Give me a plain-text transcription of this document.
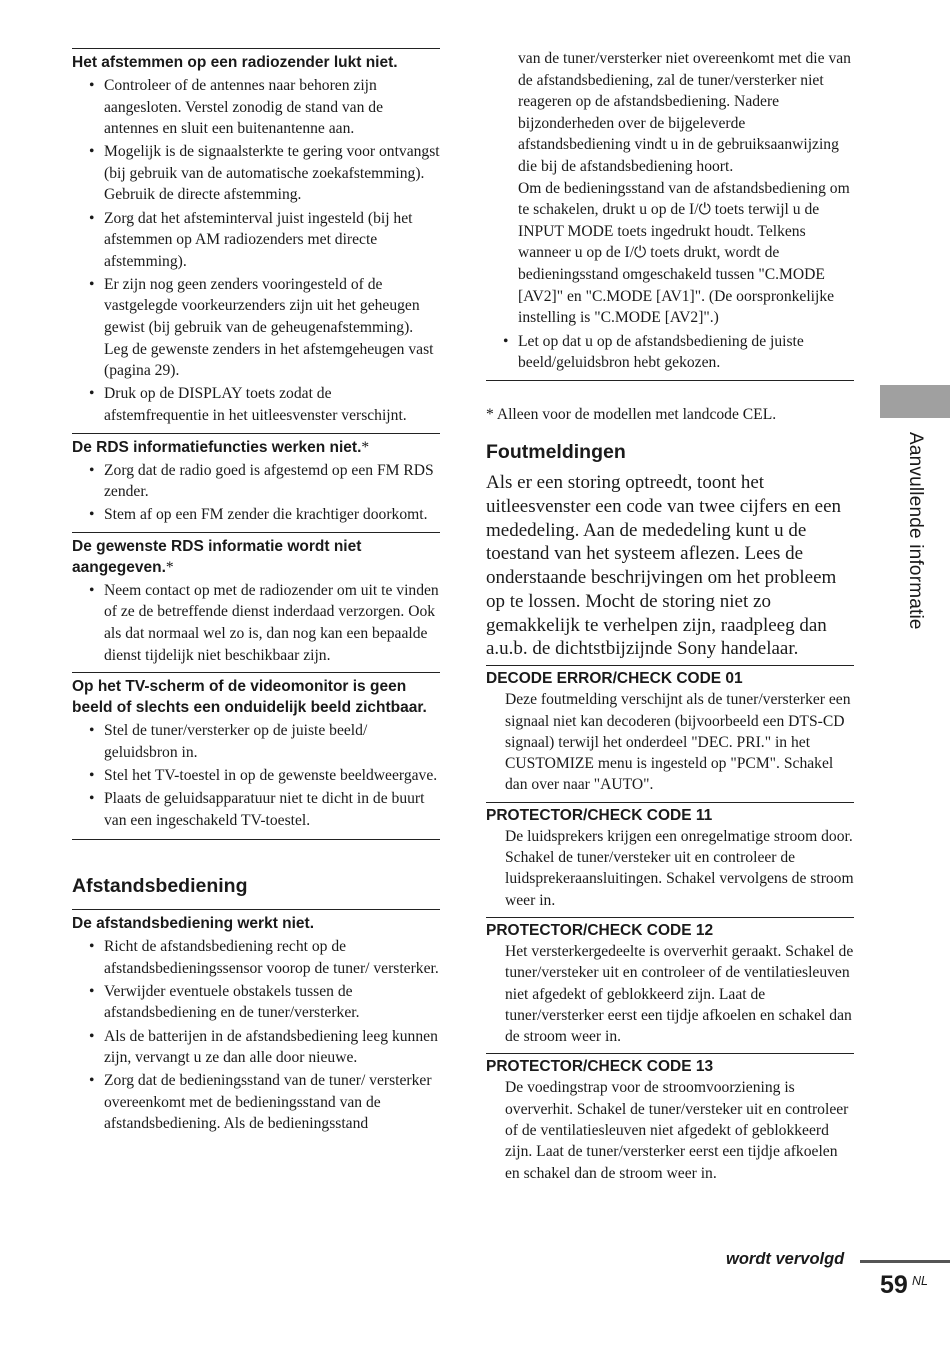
Het afstemmen op een radiozender lukt niet.
• Controleer of de antennes naar behoren zijn aangesloten. Verstel zonodig de stand van de antennes en sluit een buitenantenne aan.
• Mogelijk is de signaalsterkte te gering voor ontvangst (bij gebruik van de automatische zoekafstemming). Gebruik de directe afstemming.
• Zorg dat het afsteminterval juist ingesteld (bij het afstemmen op AM radiozenders met directe afstemming).
• Er zijn nog geen zenders vooringesteld of de vastgelegde voorkeurzenders zijn uit het geheugen gewist (bij gebruik van de geheugenafstemming). Leg de gewenste zenders in het afstemgeheugen vast (pagina 29).
• Druk op de DISPLAY toets zodat de afstemfrequentie in het uitleesvenster verschijnt.
De RDS informatiefuncties werken niet.*
• Zorg dat de radio goed is afgestemd op een FM RDS zender.
• Stem af op een FM zender die krachtiger doorkomt.
De gewenste RDS informatie wordt niet aangegeven.*
• Neem contact op met de radiozender om uit te vinden of ze de betreffende dienst inderdaad verzorgen. Ook als dat normaal wel zo is, dan nog kan een bepaalde dienst tijdelijk niet beschikbaar zijn.
Op het TV-scherm of de videomonitor is geen beeld of slechts een onduidelijk beeld zichtbaar.
• Stel de tuner/versterker op de juiste beeld/ geluidsbron in.
• Stel het TV-toestel in op de gewenste beeldweergave.
• Plaats de geluidsapparatuur niet te dicht in de buurt van een ingeschakeld TV-toestel.
Afstandsbediening
De afstandsbediening werkt niet.
• Richt de afstandsbediening recht op de afstandsbedieningssensor voorop de tuner/ versterker.
• Verwijder eventuele obstakels tussen de afstandsbediening en de tuner/versterker.
• Als de batterijen in de afstandsbediening leeg kunnen zijn, vervangt u ze dan alle door nieuwe.
• Zorg dat de bedieningsstand van de tuner/ versterker overeenkomt met de bedieningsstand van de afstandsbediening. Als de bedieningsstand

van de tuner/versterker niet overeenkomt met die van de afstandsbediening, zal de tuner/versterker niet reageren op de afstandsbediening. Nadere bijzonderheden over de bijgeleverde afstandsbediening vindt u in de gebruiksaanwijzing die bij de afstandsbediening hoort.

Om de bedieningsstand van de afstandsbediening om te schakelen, drukt u op de I/⏻ toets terwijl u de INPUT MODE toets ingedrukt houdt. Telkens wanneer u op de I/⏻ toets drukt, wordt de bedieningsstand omgeschakeld tussen "C.MODE [AV2]" en "C.MODE [AV1]". (De oorspronkelijke instelling is "C.MODE [AV2]".)

• Let op dat u op de afstandsbediening de juiste beeld/geluidsbron hebt gekozen.

* Alleen voor de modellen met landcode CEL.

Foutmeldingen

Als er een storing optreedt, toont het uitleesvenster een code van twee cijfers en een mededeling. Aan de mededeling kunt u de toestand van het systeem aflezen. Lees de onderstaande beschrijvingen om het probleem op te lossen. Mocht de storing niet zo gemakkelijk te verhelpen zijn, raadpleeg dan a.u.b. de dichtstbijzijnde Sony handelaar.

DECODE ERROR/CHECK CODE 01

Deze foutmelding verschijnt als de tuner/versterker een signaal niet kan decoderen (bijvoorbeeld een DTS-CD signaal) terwijl het onderdeel "DEC. PRI." in het CUSTOMIZE menu is ingesteld op "PCM". Schakel dan over naar "AUTO".

PROTECTOR/CHECK CODE 11

De luidsprekers krijgen een onregelmatige stroom door. Schakel de tuner/versteker uit en controleer de luidsprekeraansluitingen. Schakel vervolgens de stroom weer in.

PROTECTOR/CHECK CODE 12

Het versterkergedeelte is oververhit geraakt. Schakel de tuner/versteker uit en controleer of de ventilatiesleuven niet afgedekt of geblokkeerd zijn. Laat de tuner/versterker eerst een tijdje afkoelen en schakel dan de stroom weer in.

PROTECTOR/CHECK CODE 13

De voedingstrap voor de stroomvoorziening is oververhit. Schakel de tuner/versteker uit en controleer of de ventilatiesleuven niet afgedekt of geblokkeerd zijn. Laat de tuner/versterker eerst een tijdje afkoelen en schakel dan de stroom weer in.

Aanvullende informatie
wordt vervolgd
59 NL
